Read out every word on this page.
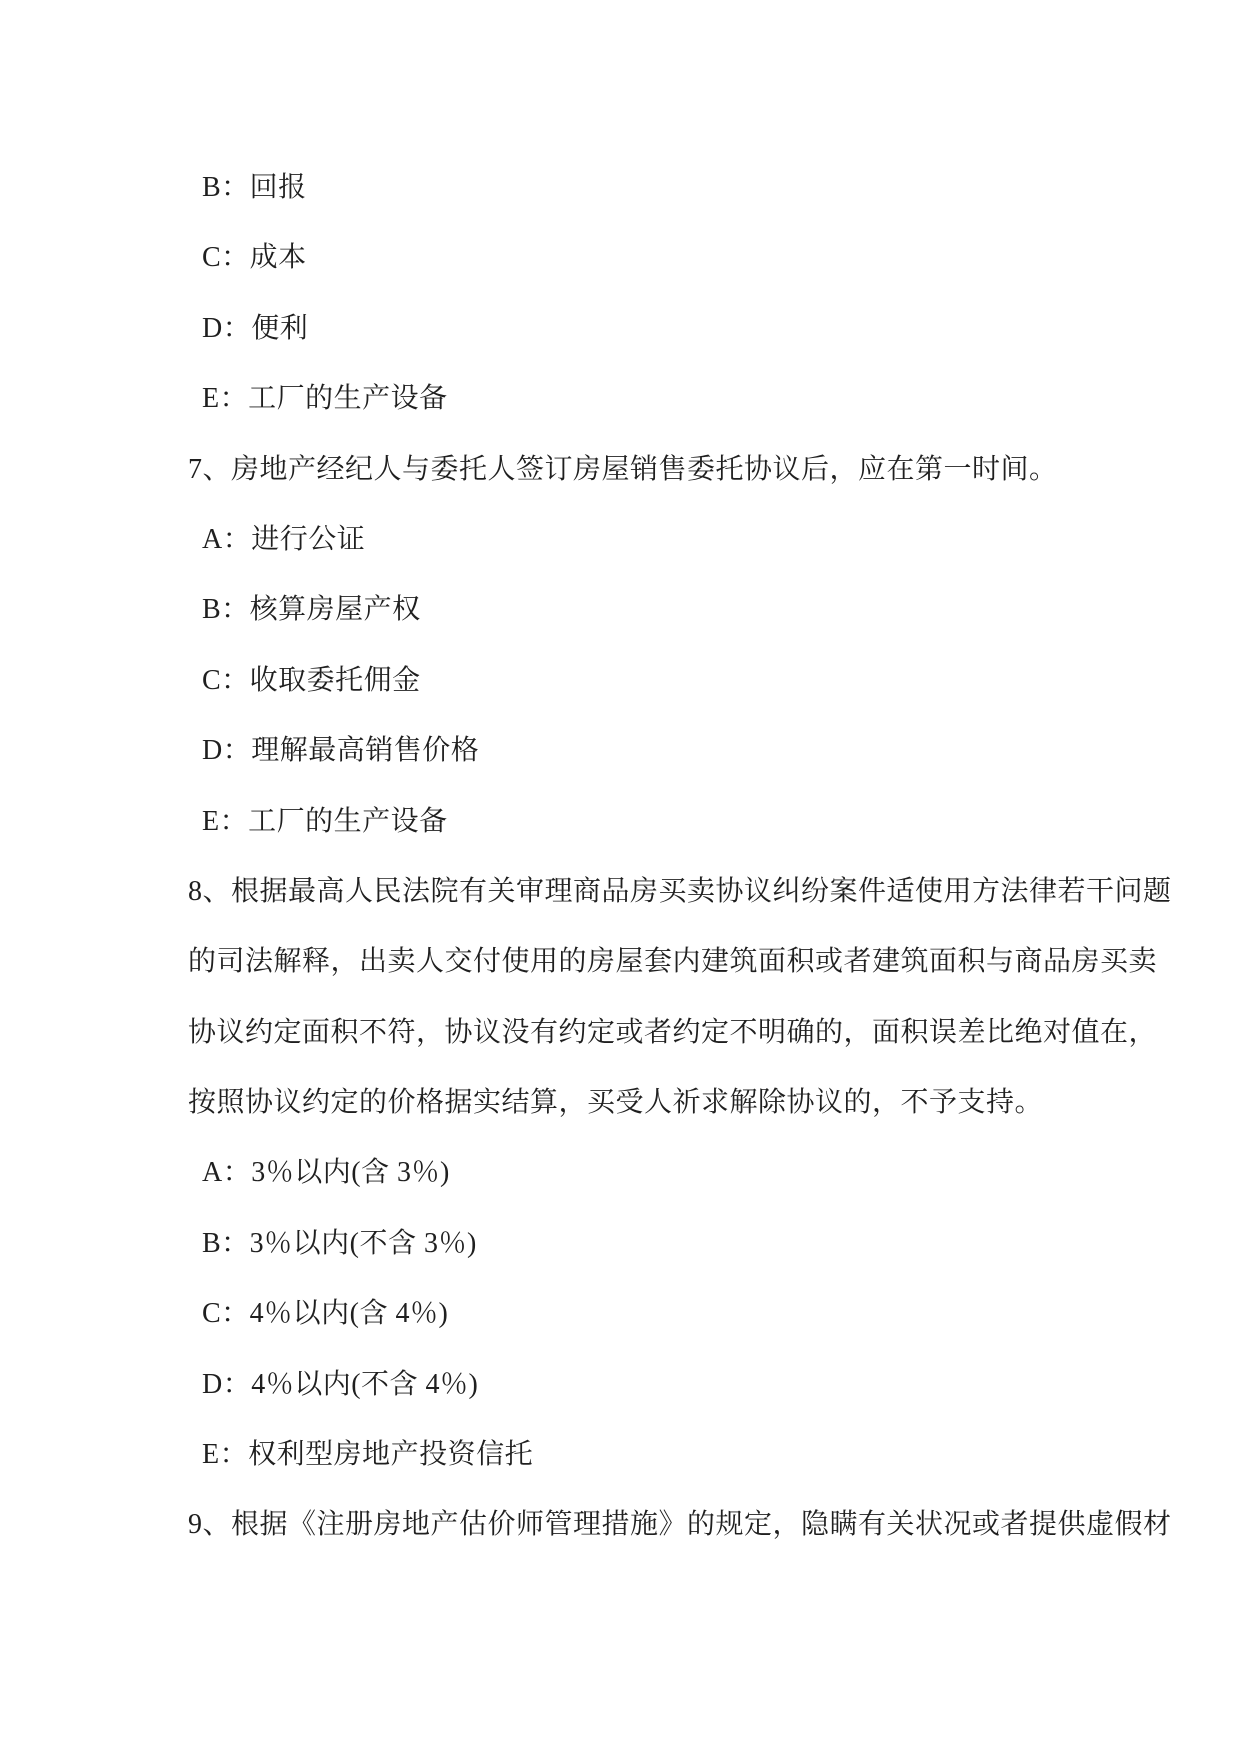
B：回报

C：成本

D：便利

E：工厂的生产设备

7、房地产经纪人与委托人签订房屋销售委托协议后，应在第一时间。

A：进行公证

B：核算房屋产权

C：收取委托佣金

D：理解最高销售价格

E：工厂的生产设备

8、根据最高人民法院有关审理商品房买卖协议纠纷案件适使用方法律若干问题

的司法解释，出卖人交付使用的房屋套内建筑面积或者建筑面积与商品房买卖

协议约定面积不符，协议没有约定或者约定不明确的，面积误差比绝对值在，

按照协议约定的价格据实结算，买受人祈求解除协议的，不予支持。

A：3％以内(含 3％)

B：3％以内(不含 3％)

C：4％以内(含 4％)

D：4％以内(不含 4％)

E：权利型房地产投资信托

9、根据《注册房地产估价师管理措施》的规定，隐瞒有关状况或者提供虚假材
